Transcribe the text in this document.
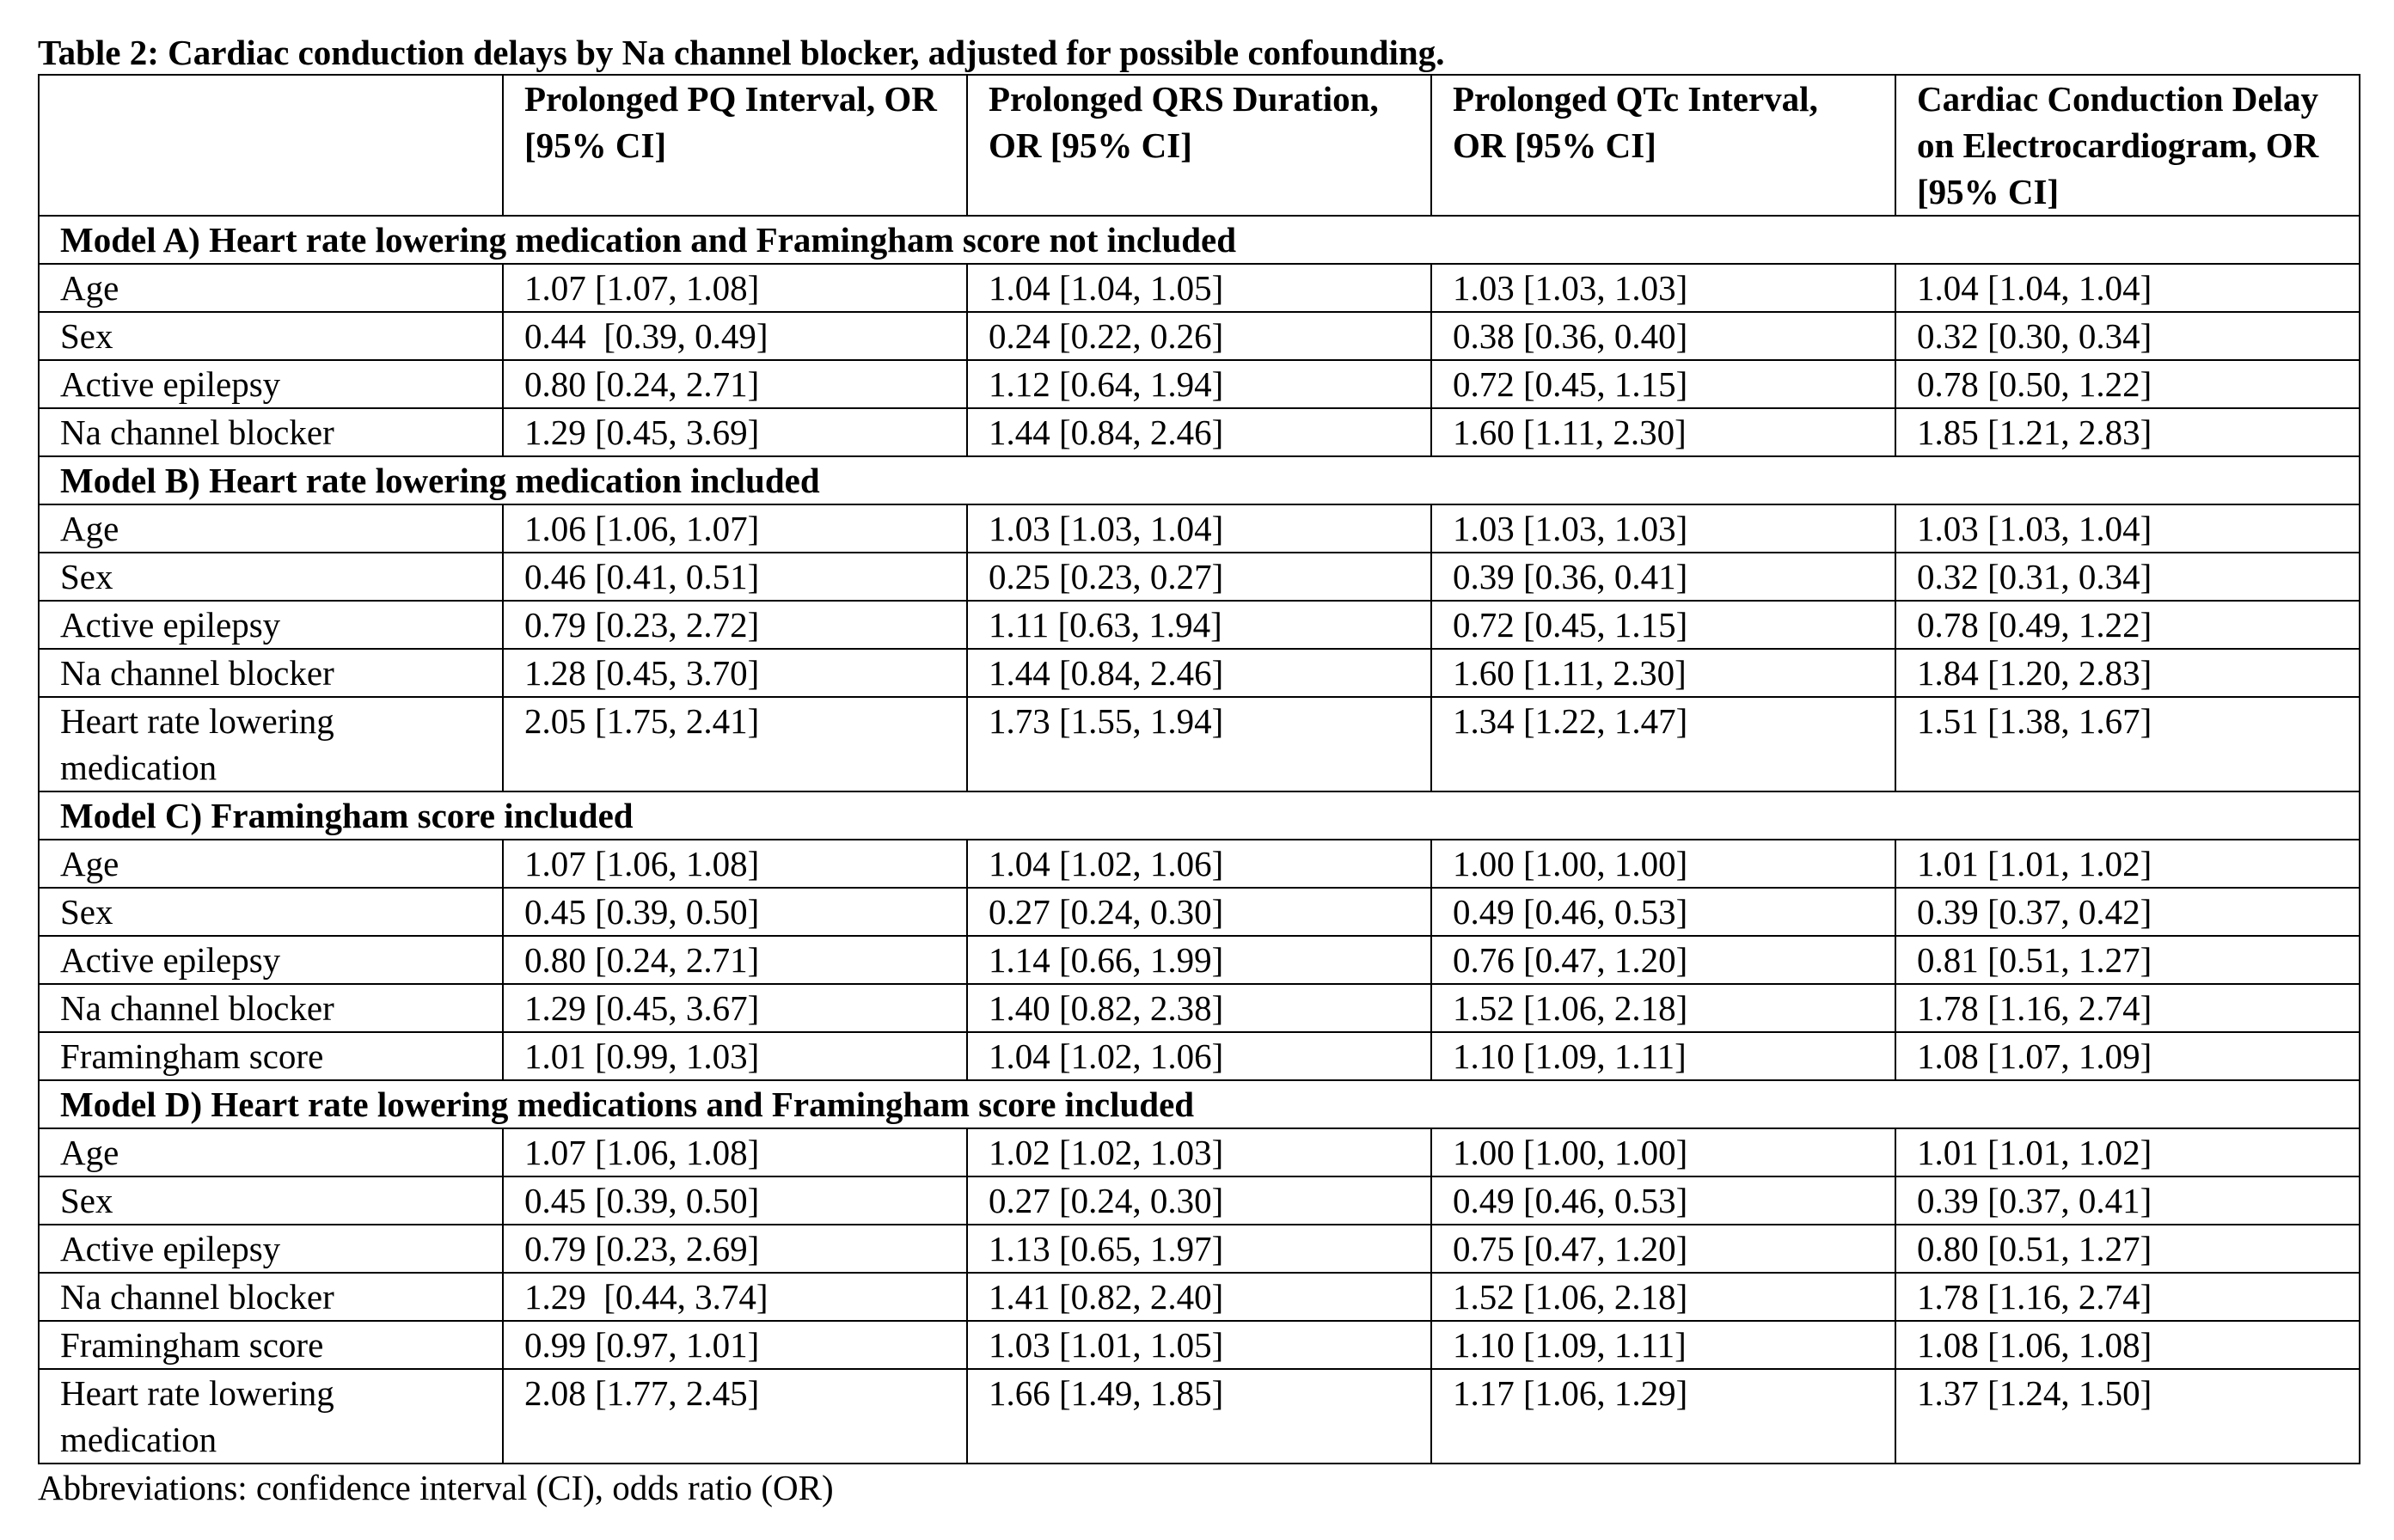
Table 2: Cardiac conduction delays by Na channel blocker, adjusted for possible confounding.
	Prolonged PQ Interval, OR [95% CI]	Prolonged QRS Duration, OR [95% CI]	Prolonged QTc Interval, OR [95% CI]	Cardiac Conduction Delay on Electrocardiogram, OR [95% CI]
Model A) Heart rate lowering medication and Framingham score not included				
Age	1.07 [1.07, 1.08]	1.04 [1.04, 1.05]	1.03 [1.03, 1.03]	1.04 [1.04, 1.04]
Sex	0.44  [0.39, 0.49]	0.24 [0.22, 0.26]	0.38 [0.36, 0.40]	0.32 [0.30, 0.34]
Active epilepsy	0.80 [0.24, 2.71]	1.12 [0.64, 1.94]	0.72 [0.45, 1.15]	0.78 [0.50, 1.22]
Na channel blocker	1.29 [0.45, 3.69]	1.44 [0.84, 2.46]	1.60 [1.11, 2.30]	1.85 [1.21, 2.83]
Model B) Heart rate lowering medication included				
Age	1.06 [1.06, 1.07]	1.03 [1.03, 1.04]	1.03 [1.03, 1.03]	1.03 [1.03, 1.04]
Sex	0.46 [0.41, 0.51]	0.25 [0.23, 0.27]	0.39 [0.36, 0.41]	0.32 [0.31, 0.34]
Active epilepsy	0.79 [0.23, 2.72]	1.11 [0.63, 1.94]	0.72 [0.45, 1.15]	0.78 [0.49, 1.22]
Na channel blocker	1.28 [0.45, 3.70]	1.44 [0.84, 2.46]	1.60 [1.11, 2.30]	1.84 [1.20, 2.83]
Heart rate lowering medication	2.05 [1.75, 2.41]	1.73 [1.55, 1.94]	1.34 [1.22, 1.47]	1.51 [1.38, 1.67]
Model C) Framingham score included				
Age	1.07 [1.06, 1.08]	1.04 [1.02, 1.06]	1.00 [1.00, 1.00]	1.01 [1.01, 1.02]
Sex	0.45 [0.39, 0.50]	0.27 [0.24, 0.30]	0.49 [0.46, 0.53]	0.39 [0.37, 0.42]
Active epilepsy	0.80 [0.24, 2.71]	1.14 [0.66, 1.99]	0.76 [0.47, 1.20]	0.81 [0.51, 1.27]
Na channel blocker	1.29 [0.45, 3.67]	1.40 [0.82, 2.38]	1.52 [1.06, 2.18]	1.78 [1.16, 2.74]
Framingham score	1.01 [0.99, 1.03]	1.04 [1.02, 1.06]	1.10 [1.09, 1.11]	1.08 [1.07, 1.09]
Model D) Heart rate lowering medications and Framingham score included				
Age	1.07 [1.06, 1.08]	1.02 [1.02, 1.03]	1.00 [1.00, 1.00]	1.01 [1.01, 1.02]
Sex	0.45 [0.39, 0.50]	0.27 [0.24, 0.30]	0.49 [0.46, 0.53]	0.39 [0.37, 0.41]
Active epilepsy	0.79 [0.23, 2.69]	1.13 [0.65, 1.97]	0.75 [0.47, 1.20]	0.80 [0.51, 1.27]
Na channel blocker	1.29  [0.44, 3.74]	1.41 [0.82, 2.40]	1.52 [1.06, 2.18]	1.78 [1.16, 2.74]
Framingham score	0.99 [0.97, 1.01]	1.03 [1.01, 1.05]	1.10 [1.09, 1.11]	1.08 [1.06, 1.08]
Heart rate lowering medication	2.08 [1.77, 2.45]	1.66 [1.49, 1.85]	1.17 [1.06, 1.29]	1.37 [1.24, 1.50]
Abbreviations: confidence interval (CI), odds ratio (OR)
